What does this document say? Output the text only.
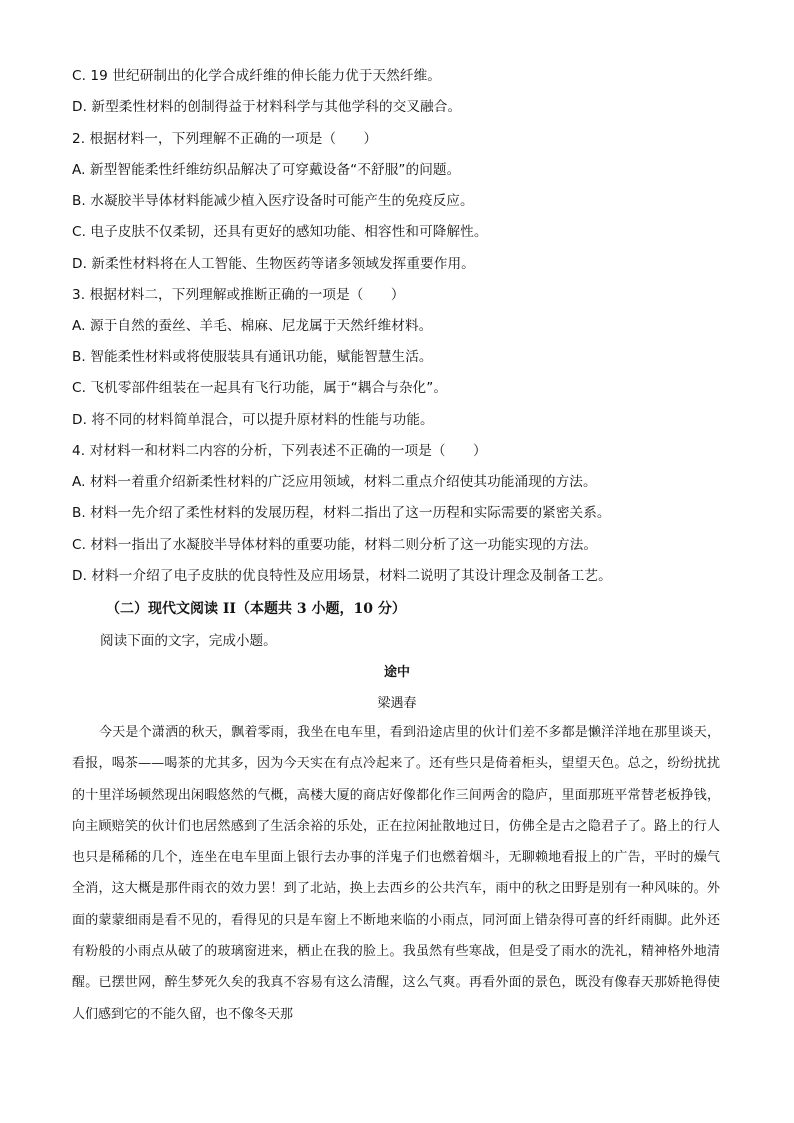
C. 19 世纪研制出的化学合成纤维的伸长能力优于天然纤维。
D. 新型柔性材料的创制得益于材料科学与其他学科的交叉融合。
2. 根据材料一，下列理解不正确的一项是（　　）
A. 新型智能柔性纤维纺织品解决了可穿戴设备“不舒服”的问题。
B. 水凝胶半导体材料能减少植入医疗设备时可能产生的免疫反应。
C. 电子皮肤不仅柔韧，还具有更好的感知功能、相容性和可降解性。
D. 新柔性材料将在人工智能、生物医药等诸多领域发挥重要作用。
3. 根据材料二，下列理解或推断正确的一项是（　　）
A. 源于自然的蚕丝、羊毛、棉麻、尼龙属于天然纤维材料。
B. 智能柔性材料或将使服装具有通讯功能，赋能智慧生活。
C. 飞机零部件组装在一起具有飞行功能，属于“耦合与杂化”。
D. 将不同的材料简单混合，可以提升原材料的性能与功能。
4. 对材料一和材料二内容的分析，下列表述不正确的一项是（　　）
A. 材料一着重介绍新柔性材料的广泛应用领域，材料二重点介绍使其功能涌现的方法。
B. 材料一先介绍了柔性材料的发展历程，材料二指出了这一历程和实际需要的紧密关系。
C. 材料一指出了水凝胶半导体材料的重要功能，材料二则分析了这一功能实现的方法。
D. 材料一介绍了电子皮肤的优良特性及应用场景，材料二说明了其设计理念及制备工艺。
（二）现代文阅读 II（本题共 3 小题，10 分）
阅读下面的文字，完成小题。
途中
梁遇春

今天是个潇洒的秋天，飘着零雨，我坐在电车里，看到沿途店里的伙计们差不多都是懒洋洋地在那里谈天，看报，喝茶——喝茶的尤其多，因为今天实在有点冷起来了。还有些只是倚着柜头，望望天色。总之，纷纷扰扰的十里洋场顿然现出闲暇悠然的气概，高楼大厦的商店好像都化作三间两舍的隐庐，里面那班平常替老板挣钱，向主顾赔笑的伙计们也居然感到了生活余裕的乐处，正在拉闲扯散地过日，仿佛全是古之隐君子了。路上的行人也只是稀稀的几个，连坐在电车里面上银行去办事的洋鬼子们也燃着烟斗，无聊赖地看报上的广告，平时的燥气全消，这大概是那件雨衣的效力罢！到了北站，换上去西乡的公共汽车，雨中的秋之田野是别有一种风味的。外面的蒙蒙细雨是看不见的，看得见的只是车窗上不断地来临的小雨点，同河面上错杂得可喜的纤纤雨脚。此外还有粉般的小雨点从破了的玻璃窗进来，栖止在我的脸上。我虽然有些寒战，但是受了雨水的洗礼，精神格外地清醒。已摆世网，醉生梦死久矣的我真不容易有这么清醒，这么气爽。再看外面的景色，既没有像春天那娇艳得使人们感到它的不能久留，也不像冬天那
